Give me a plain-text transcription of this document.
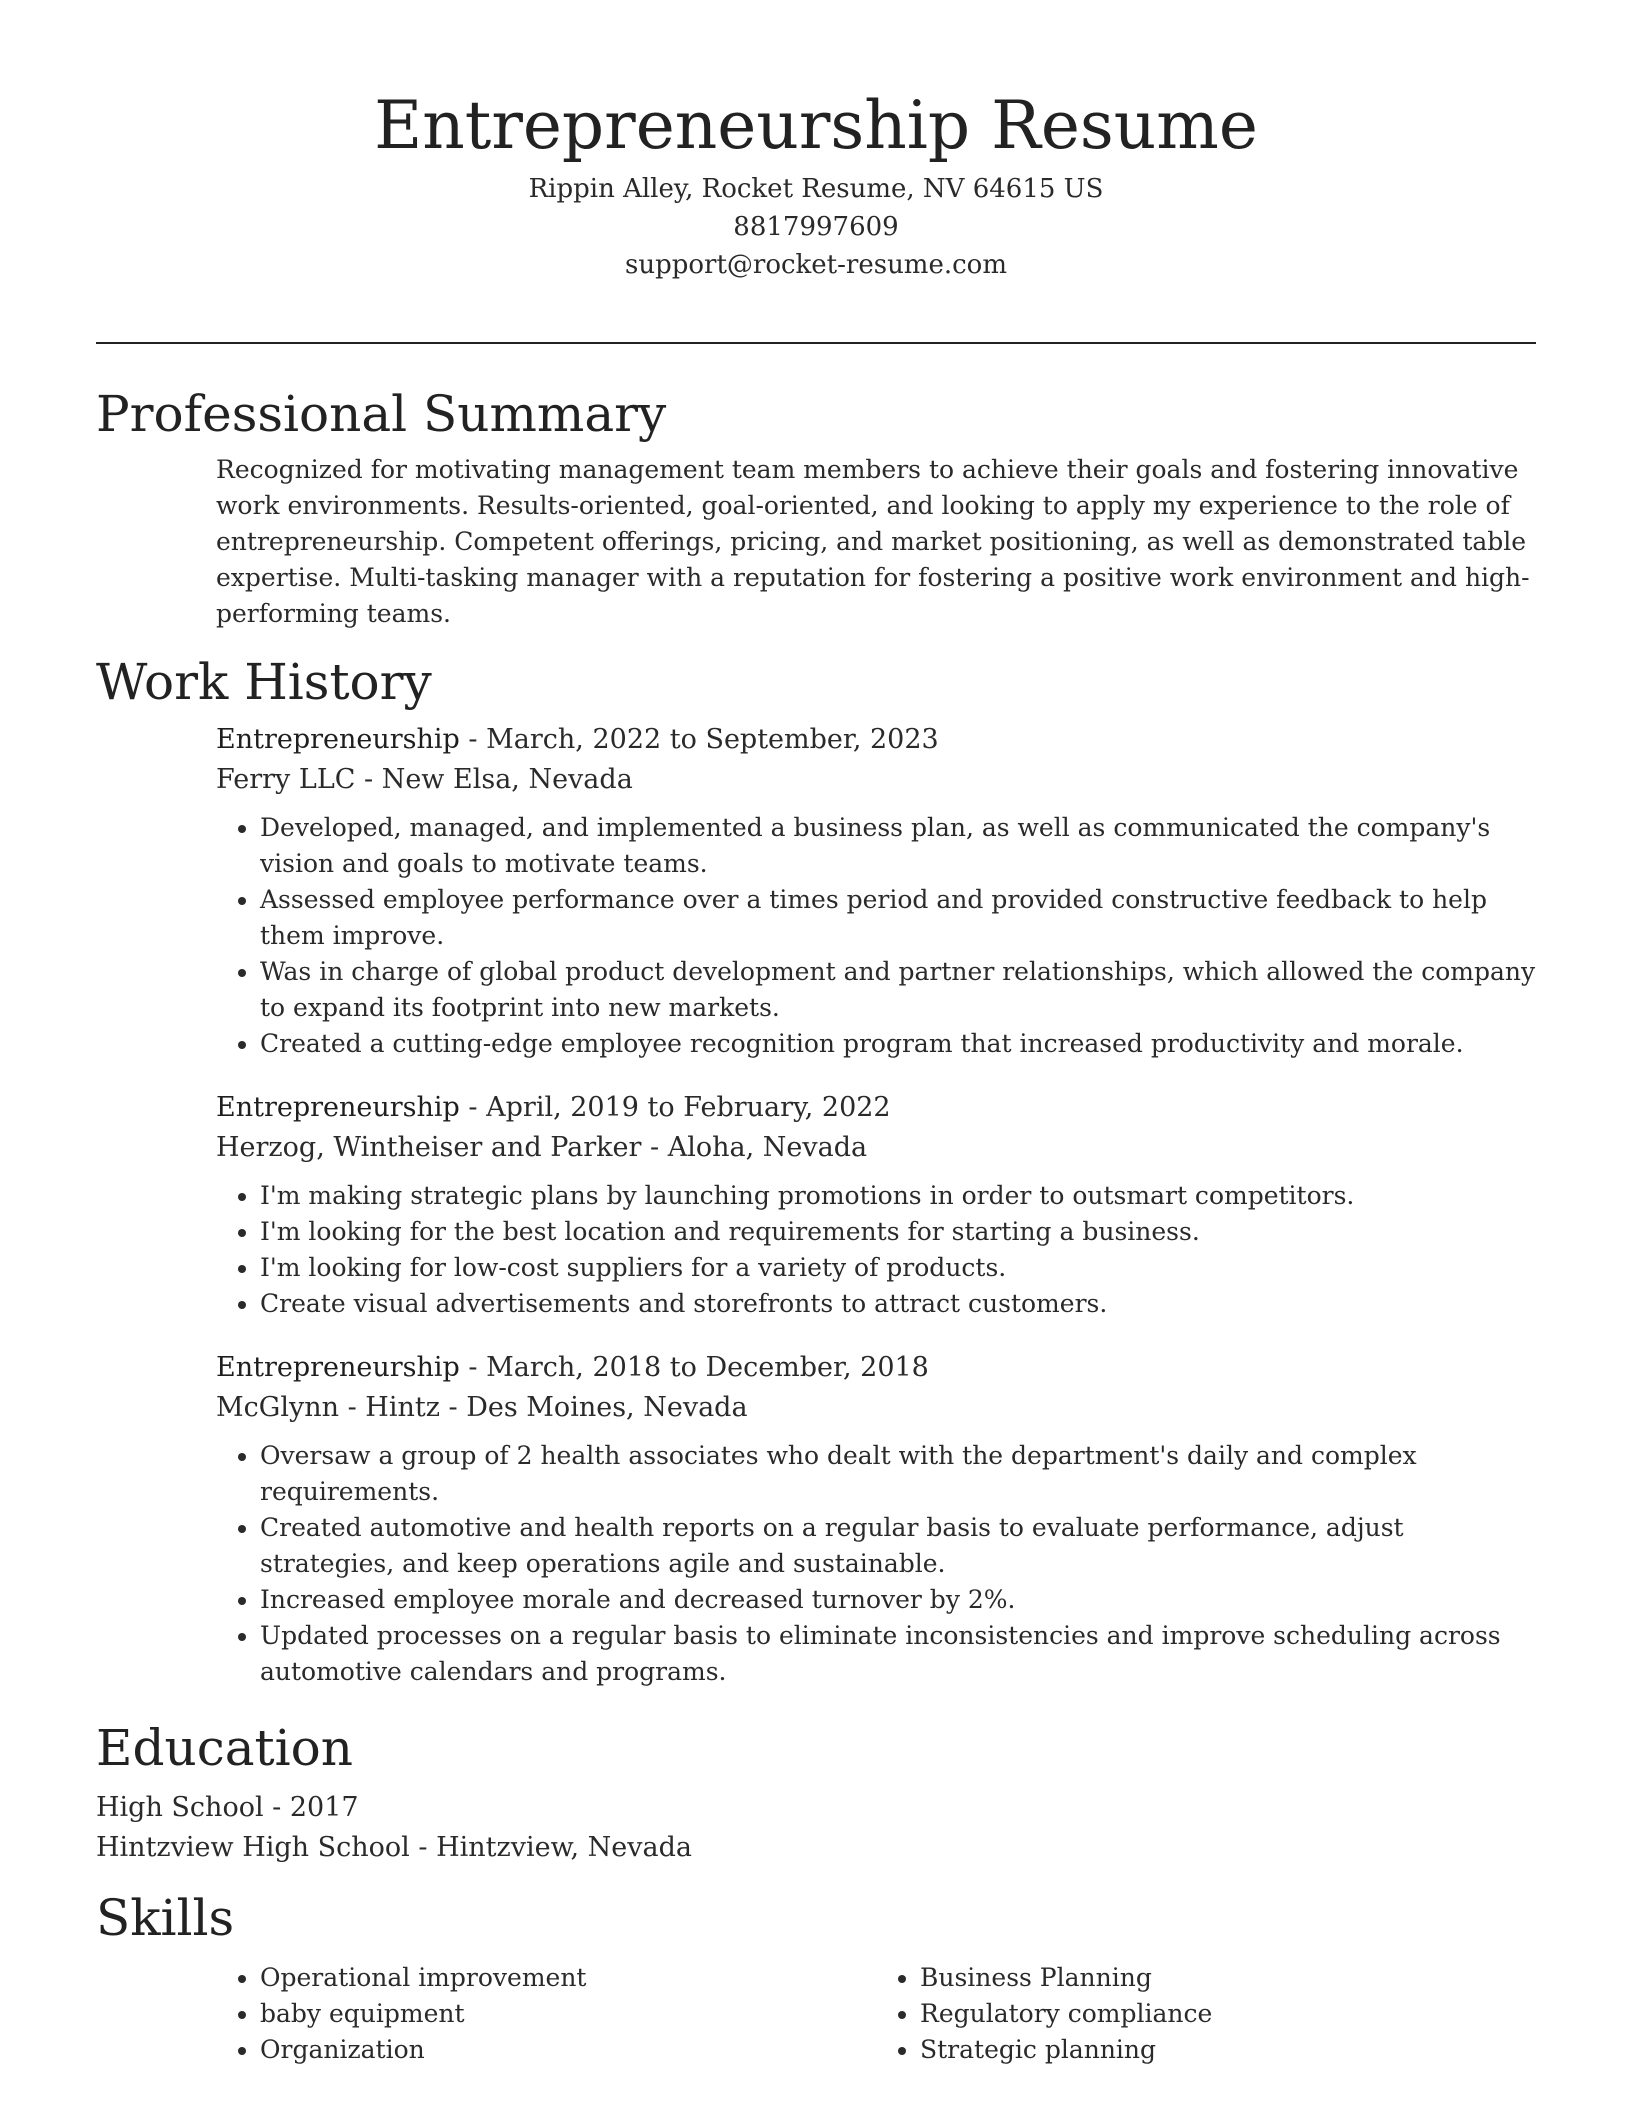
Entrepreneurship Resume
Rippin Alley, Rocket Resume, NV 64615 US
8817997609
support@rocket-resume.com
Professional Summary

Recognized for motivating management team members to achieve their goals and fostering innovative work environments. Results-oriented, goal-oriented, and looking to apply my experience to the role of entrepreneurship. Competent offerings, pricing, and market positioning, as well as demonstrated table expertise. Multi-tasking manager with a reputation for fostering a positive work environment and high-performing teams.

Work History
Entrepreneurship - March, 2022 to September, 2023
Ferry LLC - New Elsa, Nevada
• Developed, managed, and implemented a business plan, as well as communicated the company's vision and goals to motivate teams.
• Assessed employee performance over a times period and provided constructive feedback to help them improve.
• Was in charge of global product development and partner relationships, which allowed the company to expand its footprint into new markets.
• Created a cutting-edge employee recognition program that increased productivity and morale.
Entrepreneurship - April, 2019 to February, 2022
Herzog, Wintheiser and Parker - Aloha, Nevada
• I'm making strategic plans by launching promotions in order to outsmart competitors.
• I'm looking for the best location and requirements for starting a business.
• I'm looking for low-cost suppliers for a variety of products.
• Create visual advertisements and storefronts to attract customers.
Entrepreneurship - March, 2018 to December, 2018
McGlynn - Hintz - Des Moines, Nevada
• Oversaw a group of 2 health associates who dealt with the department's daily and complex requirements.
• Created automotive and health reports on a regular basis to evaluate performance, adjust strategies, and keep operations agile and sustainable.
• Increased employee morale and decreased turnover by 2%.
• Updated processes on a regular basis to eliminate inconsistencies and improve scheduling across automotive calendars and programs.
Education
High School - 2017
Hintzview High School - Hintzview, Nevada
Skills
• Operational improvement
• baby equipment
• Organization
• Business Planning
• Regulatory compliance
• Strategic planning
